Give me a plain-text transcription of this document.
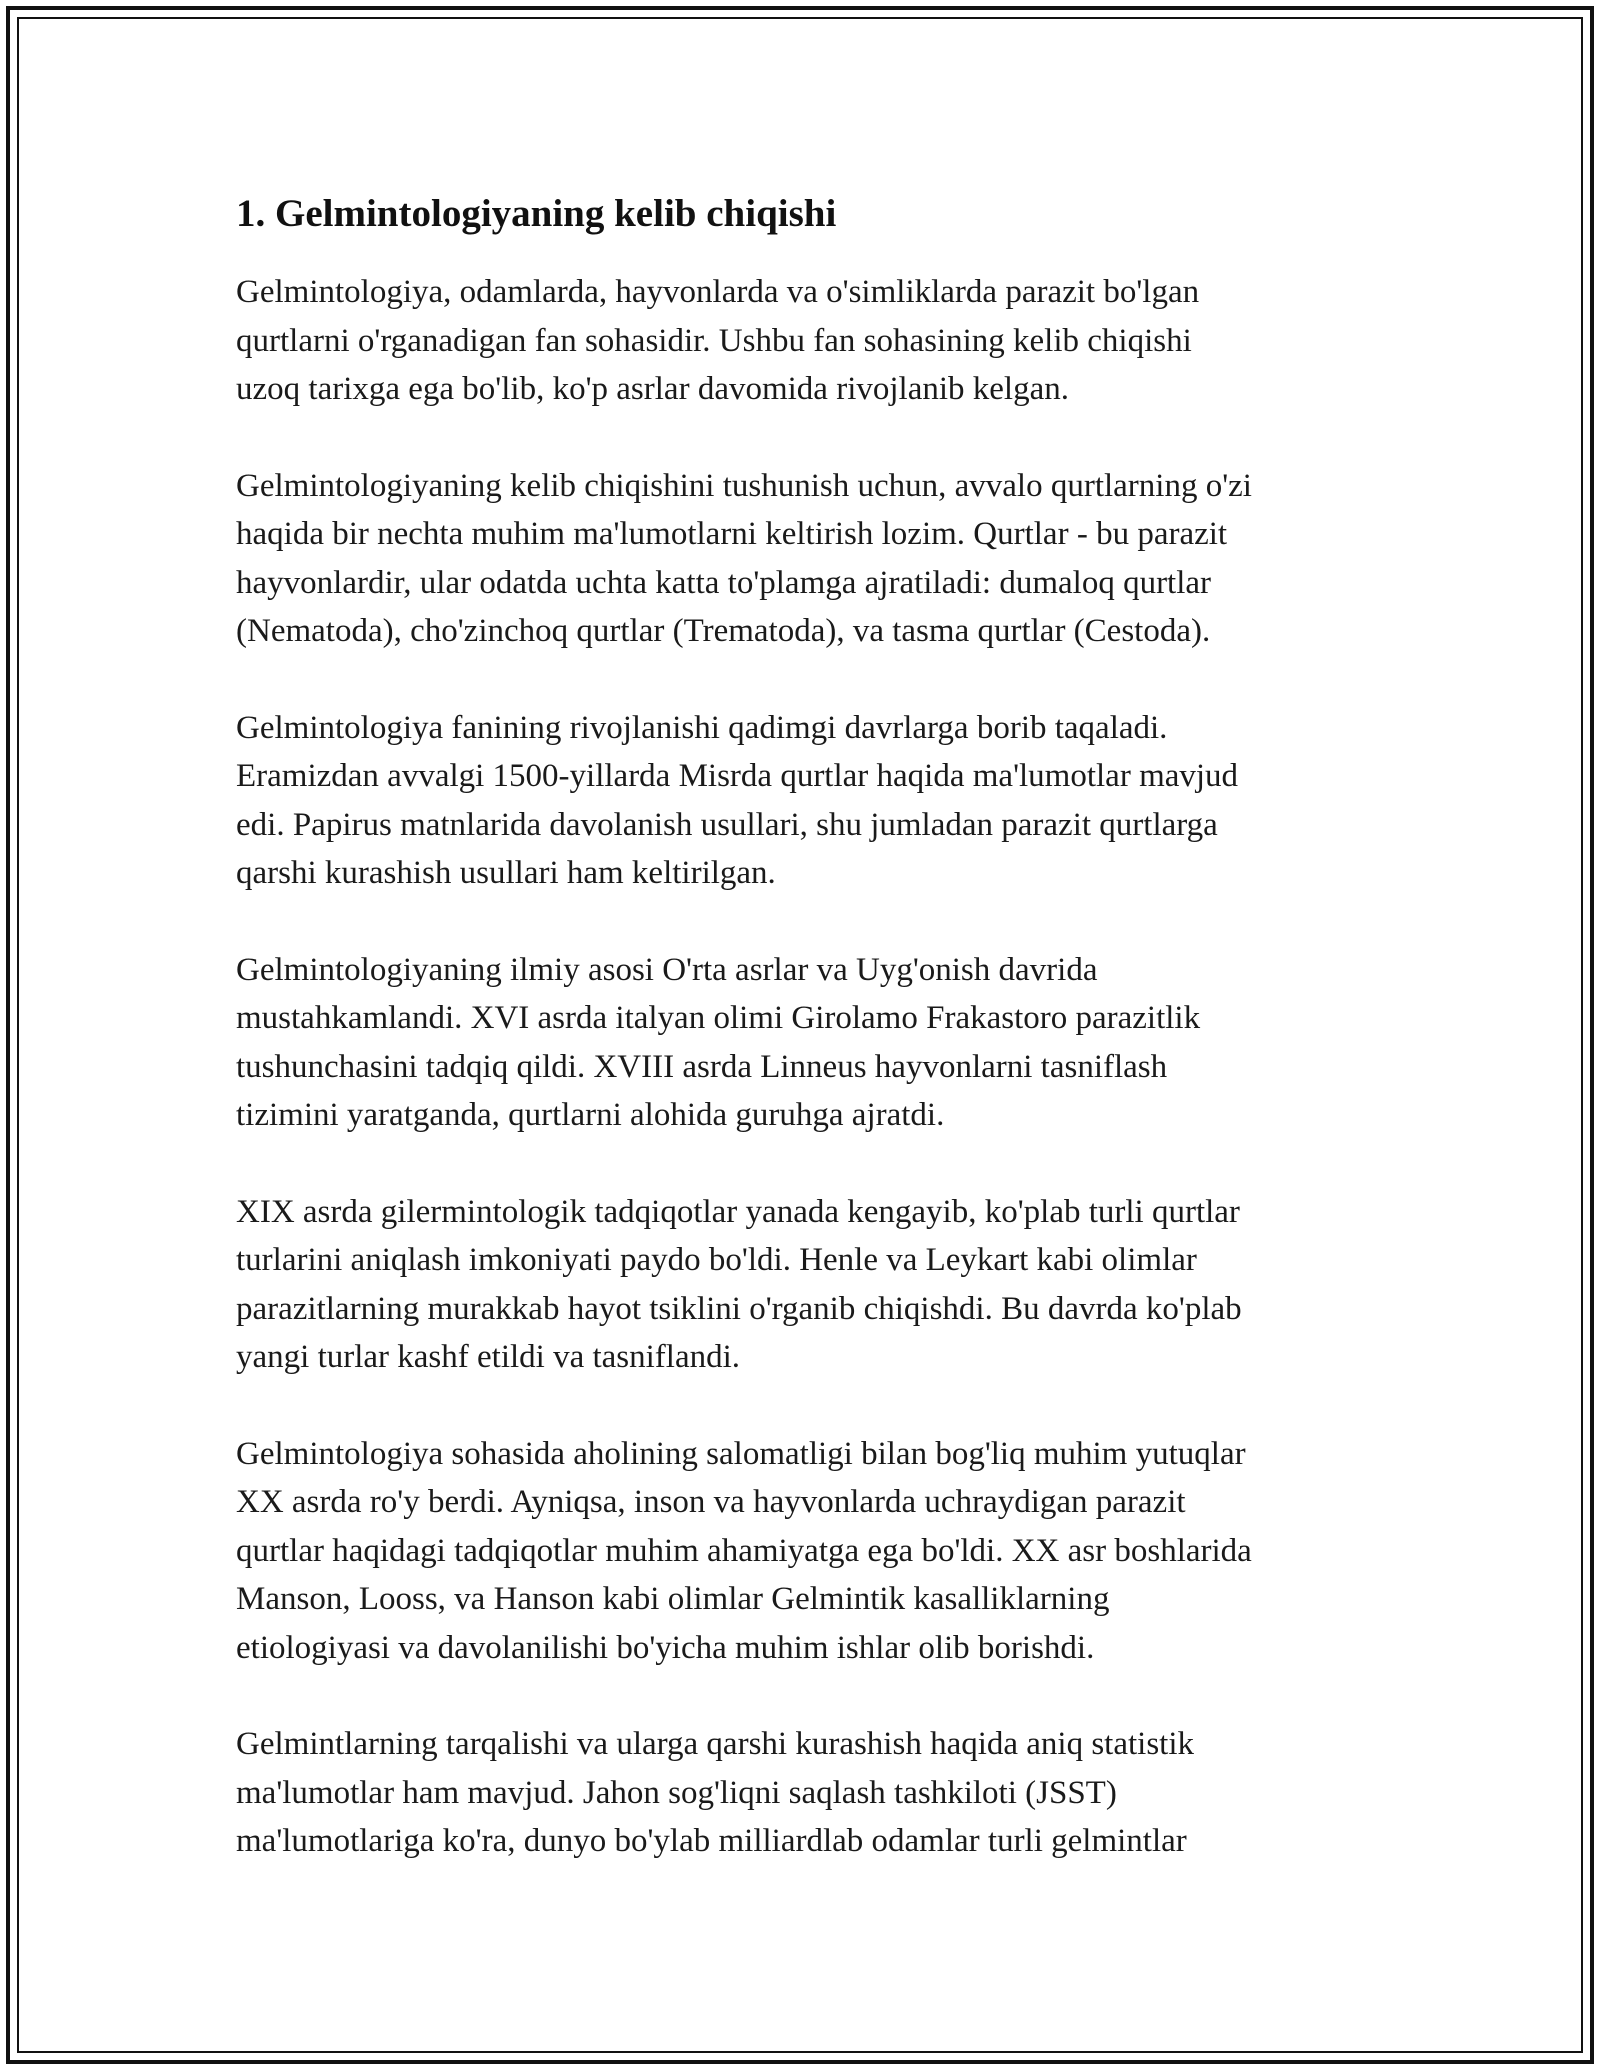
1. Gelmintologiyaning kelib chiqishi

Gelmintologiya, odamlarda, hayvonlarda va o'simliklarda parazit bo'lgan
qurtlarni o'rganadigan fan sohasidir. Ushbu fan sohasining kelib chiqishi
uzoq tarixga ega bo'lib, ko'p asrlar davomida rivojlanib kelgan.

Gelmintologiyaning kelib chiqishini tushunish uchun, avvalo qurtlarning o'zi
haqida bir nechta muhim ma'lumotlarni keltirish lozim. Qurtlar - bu parazit
hayvonlardir, ular odatda uchta katta to'plamga ajratiladi: dumaloq qurtlar
(Nematoda), cho'zinchoq qurtlar (Trematoda), va tasma qurtlar (Cestoda).

Gelmintologiya fanining rivojlanishi qadimgi davrlarga borib taqaladi.
Eramizdan avvalgi 1500-yillarda Misrda qurtlar haqida ma'lumotlar mavjud
edi. Papirus matnlarida davolanish usullari, shu jumladan parazit qurtlarga
qarshi kurashish usullari ham keltirilgan.

Gelmintologiyaning ilmiy asosi O'rta asrlar va Uyg'onish davrida
mustahkamlandi. XVI asrda italyan olimi Girolamo Frakastoro parazitlik
tushunchasini tadqiq qildi. XVIII asrda Linneus hayvonlarni tasniflash
tizimini yaratganda, qurtlarni alohida guruhga ajratdi.

XIX asrda gilermintologik tadqiqotlar yanada kengayib, ko'plab turli qurtlar
turlarini aniqlash imkoniyati paydo bo'ldi. Henle va Leykart kabi olimlar
parazitlarning murakkab hayot tsiklini o'rganib chiqishdi. Bu davrda ko'plab
yangi turlar kashf etildi va tasniflandi.

Gelmintologiya sohasida aholining salomatligi bilan bog'liq muhim yutuqlar
XX asrda ro'y berdi. Ayniqsa, inson va hayvonlarda uchraydigan parazit
qurtlar haqidagi tadqiqotlar muhim ahamiyatga ega bo'ldi. XX asr boshlarida
Manson, Looss, va Hanson kabi olimlar Gelmintik kasalliklarning
etiologiyasi va davolanilishi bo'yicha muhim ishlar olib borishdi.

Gelmintlarning tarqalishi va ularga qarshi kurashish haqida aniq statistik
ma'lumotlar ham mavjud. Jahon sog'liqni saqlash tashkiloti (JSST)
ma'lumotlariga ko'ra, dunyo bo'ylab milliardlab odamlar turli gelmintlar
